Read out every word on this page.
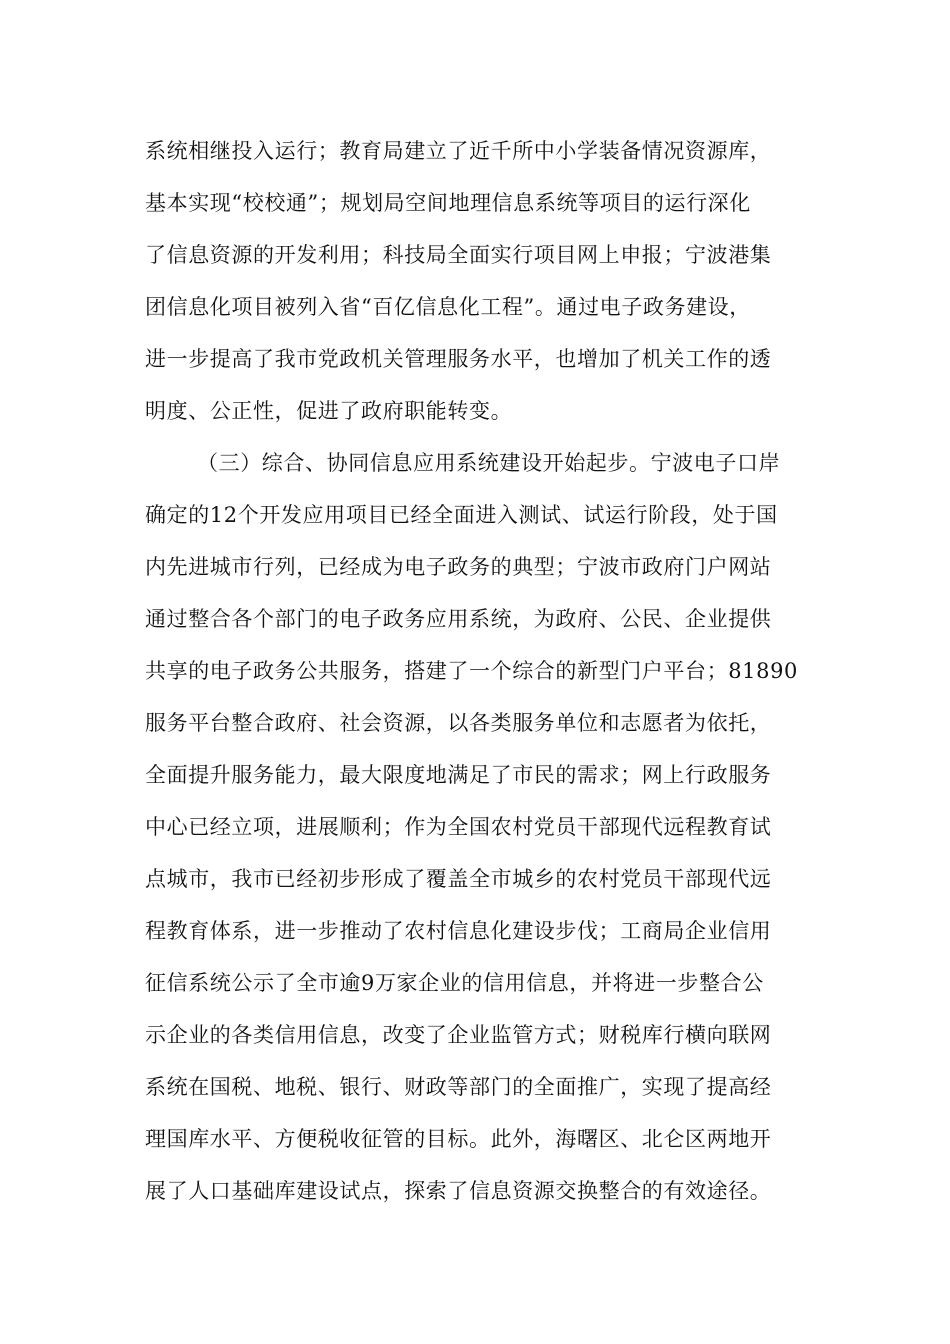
系统相继投入运行；教育局建立了近千所中小学装备情况资源库，
基本实现“校校通”；规划局空间地理信息系统等项目的运行深化
了信息资源的开发利用；科技局全面实行项目网上申报；宁波港集
团信息化项目被列入省“百亿信息化工程”。通过电子政务建设，
进一步提高了我市党政机关管理服务水平，也增加了机关工作的透
明度、公正性，促进了政府职能转变。
（三）综合、协同信息应用系统建设开始起步。宁波电子口岸
确定的12个开发应用项目已经全面进入测试、试运行阶段，处于国
内先进城市行列，已经成为电子政务的典型；宁波市政府门户网站
通过整合各个部门的电子政务应用系统，为政府、公民、企业提供
共享的电子政务公共服务，搭建了一个综合的新型门户平台；81890
服务平台整合政府、社会资源，以各类服务单位和志愿者为依托，
全面提升服务能力，最大限度地满足了市民的需求；网上行政服务
中心已经立项，进展顺利；作为全国农村党员干部现代远程教育试
点城市，我市已经初步形成了覆盖全市城乡的农村党员干部现代远
程教育体系，进一步推动了农村信息化建设步伐；工商局企业信用
征信系统公示了全市逾9万家企业的信用信息，并将进一步整合公
示企业的各类信用信息，改变了企业监管方式；财税库行横向联网
系统在国税、地税、银行、财政等部门的全面推广，实现了提高经
理国库水平、方便税收征管的目标。此外，海曙区、北仑区两地开
展了人口基础库建设试点，探索了信息资源交换整合的有效途径。
